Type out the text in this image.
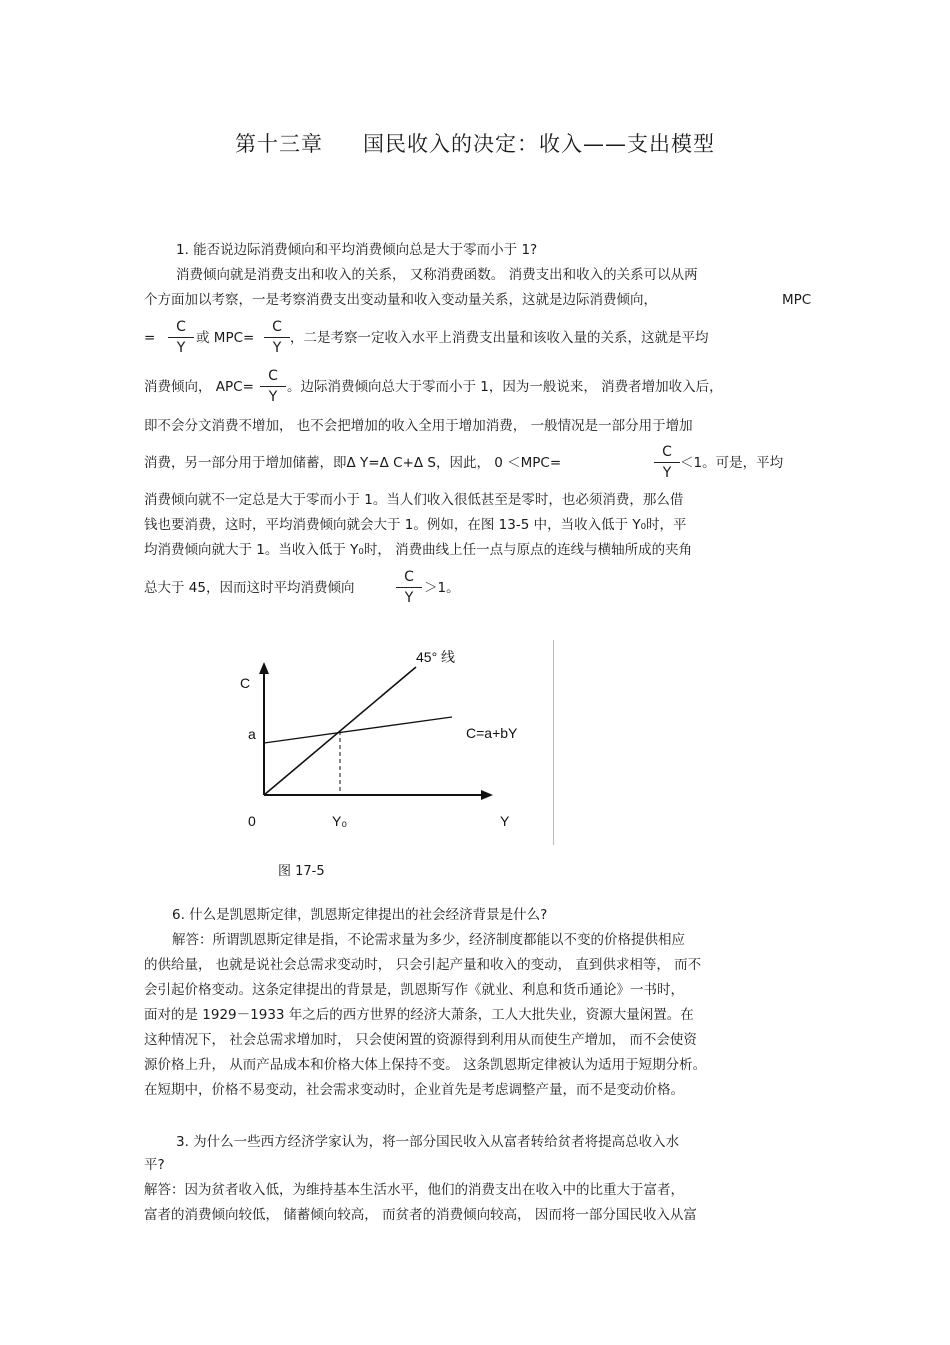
第十三章 国民收入的决定：收入——支出模型
1. 能否说边际消费倾向和平均消费倾向总是大于零而小于 1?
消费倾向就是消费支出和收入的关系， 又称消费函数。 消费支出和收入的关系可以从两
个方面加以考察，一是考察消费支出变动量和收入变动量关系，这就是边际消费倾向，	MPC
=
C
Y
或 MPC=
C
Y
，二是考察一定收入水平上消费支出量和该收入量的关系，这就是平均
消费倾向， APC=
C
Y
。边际消费倾向总大于零而小于 1，因为一般说来， 消费者增加收入后，
即不会分文消费不增加， 也不会把增加的收入全用于增加消费， 一般情况是一部分用于增加
消费，另一部分用于增加储蓄，即Δ Y=Δ C+Δ S，因此， 0 ＜MPC=
C
Y
＜1。可是，平均
消费倾向就不一定总是大于零而小于 1。当人们收入很低甚至是零时，也必须消费，那么借
钱也要消费，这时，平均消费倾向就会大于 1。例如，在图 13-5 中，当收入低于 Y₀时，平
均消费倾向就大于 1。当收入低于 Y₀时， 消费曲线上任一点与原点的连线与横轴所成的夹角
总大于 45，因而这时平均消费倾向
C
Y
＞1。
45° 线
C
a	C=a+bY
0	Y₀	Y
图 17-5
6. 什么是凯恩斯定律，凯恩斯定律提出的社会经济背景是什么?
解答：所谓凯恩斯定律是指，不论需求量为多少，经济制度都能以不变的价格提供相应
的供给量， 也就是说社会总需求变动时， 只会引起产量和收入的变动， 直到供求相等， 而不
会引起价格变动。这条定律提出的背景是，凯恩斯写作《就业、利息和货币通论》一书时，
面对的是 1929－1933 年之后的西方世界的经济大萧条，工人大批失业，资源大量闲置。在
这种情况下， 社会总需求增加时， 只会使闲置的资源得到利用从而使生产增加， 而不会使资
源价格上升， 从而产品成本和价格大体上保持不变。 这条凯恩斯定律被认为适用于短期分析。
在短期中，价格不易变动，社会需求变动时，企业首先是考虑调整产量，而不是变动价格。
3. 为什么一些西方经济学家认为，将一部分国民收入从富者转给贫者将提高总收入水
平?
解答：因为贫者收入低，为维持基本生活水平，他们的消费支出在收入中的比重大于富者，
富者的消费倾向较低， 储蓄倾向较高， 而贫者的消费倾向较高， 因而将一部分国民收入从富
